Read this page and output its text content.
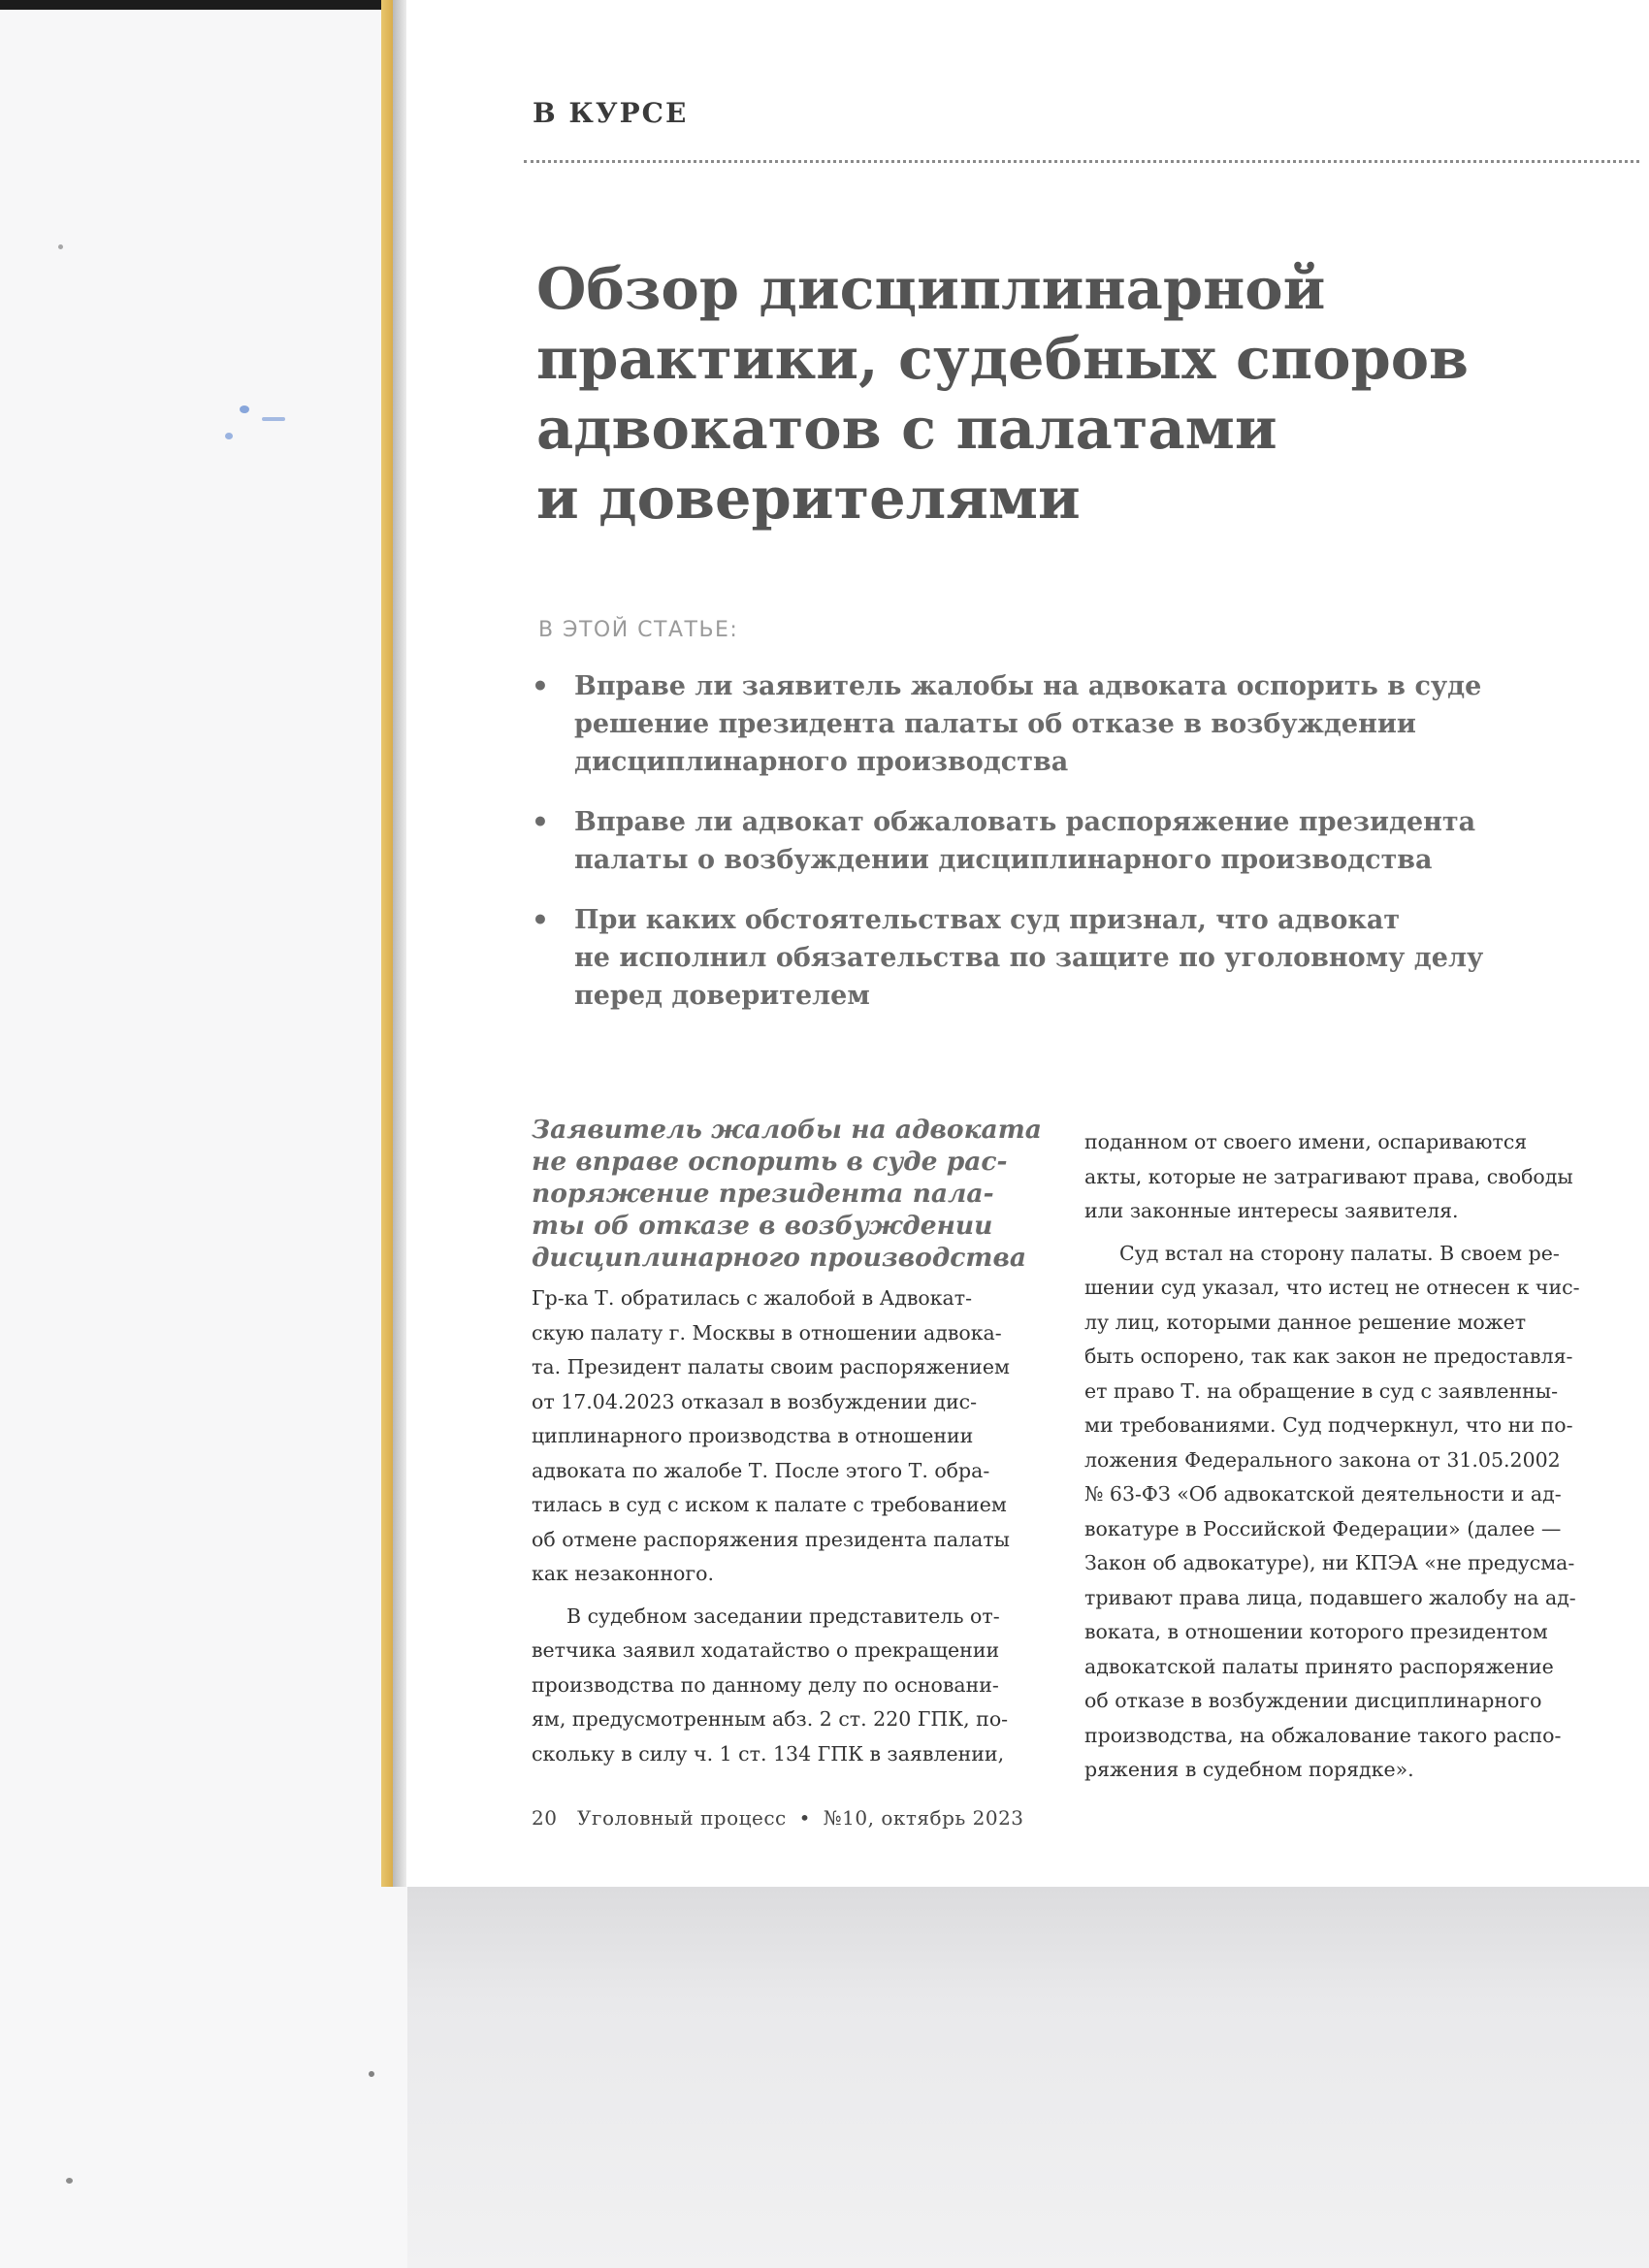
В КУРСЕ
Обзор дисциплинарной
практики, судебных споров
адвокатов с палатами
и доверителями
В ЭТОЙ СТАТЬЕ:
• Вправе ли заявитель жалобы на адвоката оспорить в суде
решение президента палаты об отказе в возбуждении
дисциплинарного производства
• Вправе ли адвокат обжаловать распоряжение президента
палаты о возбуждении дисциплинарного производства
• При каких обстоятельствах суд признал, что адвокат
не исполнил обязательства по защите по уголовному делу
перед доверителем
Заявитель жалобы на адвоката
не вправе оспорить в суде рас-
поряжение президента пала-
ты об отказе в возбуждении
дисциплинарного производства

Гр-ка Т. обратилась с жалобой в Адвокат-
скую палату г. Москвы в отношении адвока-
та. Президент палаты своим распоряжением
от 17.04.2023 отказал в возбуждении дис-
циплинарного производства в отношении
адвоката по жалобе Т. После этого Т. обра-
тилась в суд с иском к палате с требованием
об отмене распоряжения президента палаты
как незаконного.

В судебном заседании представитель от-
ветчика заявил ходатайство о прекращении
производства по данному делу по основани-
ям, предусмотренным абз. 2 ст. 220 ГПК, по-
скольку в силу ч. 1 ст. 134 ГПК в заявлении,

поданном от своего имени, оспариваются
акты, которые не затрагивают права, свободы
или законные интересы заявителя.

Суд встал на сторону палаты. В своем ре-
шении суд указал, что истец не отнесен к чис-
лу лиц, которыми данное решение может
быть оспорено, так как закон не предоставля-
ет право Т. на обращение в суд с заявленны-
ми требованиями. Суд подчеркнул, что ни по-
ложения Федерального закона от 31.05.2002
№ 63-ФЗ «Об адвокатской деятельности и ад-
вокатуре в Российской Федерации» (далее —
Закон об адвокатуре), ни КПЭА «не предусма-
тривают права лица, подавшего жалобу на ад-
воката, в отношении которого президентом
адвокатской палаты принято распоряжение
об отказе в возбуждении дисциплинарного
производства, на обжалование такого распо-
ряжения в судебном порядке».

20 Уголовный процесс • №10, октябрь 2023
